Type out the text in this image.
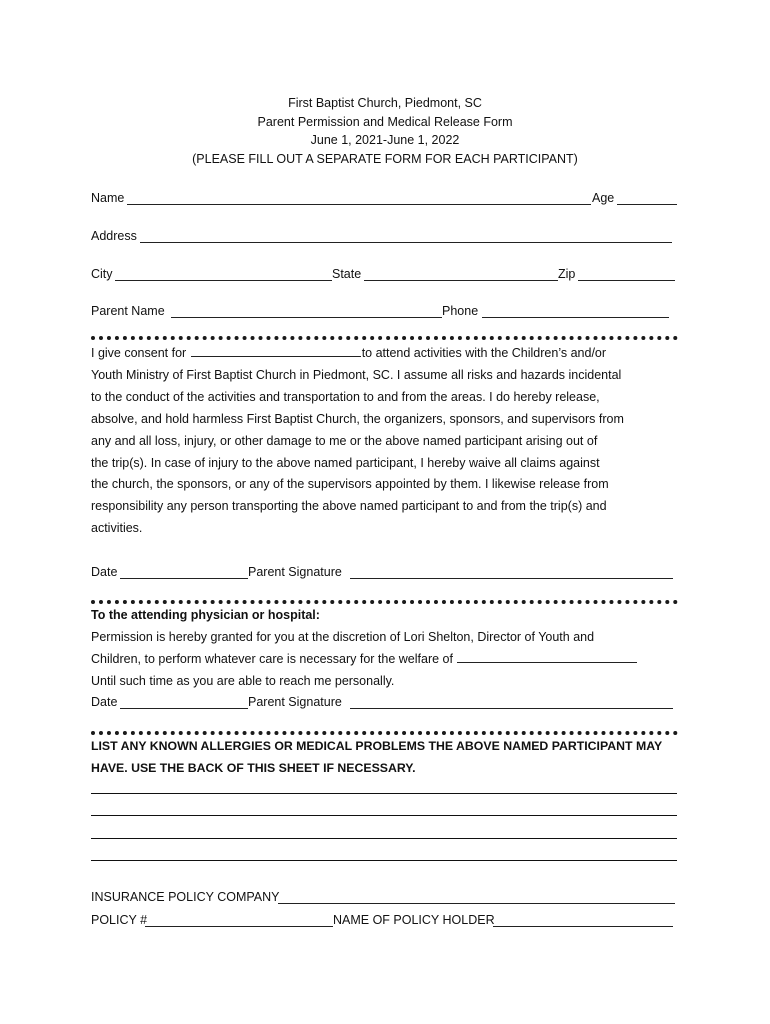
First Baptist Church, Piedmont, SC
Parent Permission and Medical Release Form
June 1, 2021-June 1, 2022
(PLEASE FILL OUT A SEPARATE FORM FOR EACH PARTICIPANT)
Name	Age
Address
City	State	Zip
Parent Name	Phone
I give consent for	to attend activities with the Children’s and/or
Youth Ministry of First Baptist Church in Piedmont, SC. I assume all risks and hazards incidental
to the conduct of the activities and transportation to and from the areas. I do hereby release,
absolve, and hold harmless First Baptist Church, the organizers, sponsors, and supervisors from
any and all loss, injury, or other damage to me or the above named participant arising out of
the trip(s). In case of injury to the above named participant, I hereby waive all claims against
the church, the sponsors, or any of the supervisors appointed by them. I likewise release from
responsibility any person transporting the above named participant to and from the trip(s) and
activities.
Date	Parent Signature
To the attending physician or hospital:
Permission is hereby granted for you at the discretion of Lori Shelton, Director of Youth and
Children, to perform whatever care is necessary for the welfare of
Until such time as you are able to reach me personally.
Date	Parent Signature
LIST ANY KNOWN ALLERGIES OR MEDICAL PROBLEMS THE ABOVE NAMED PARTICIPANT MAY
HAVE. USE THE BACK OF THIS SHEET IF NECESSARY.
INSURANCE POLICY COMPANY
POLICY #	NAME OF POLICY HOLDER
